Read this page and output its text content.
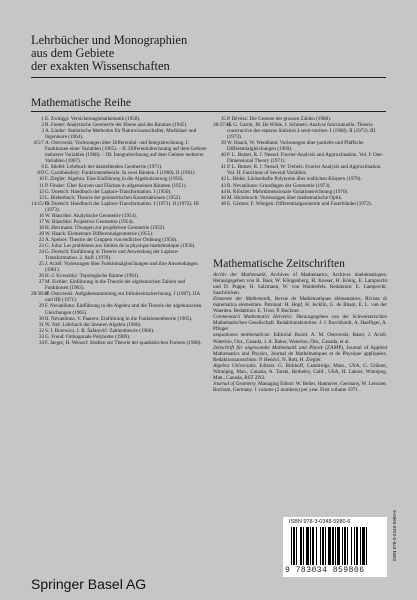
Lehrbücher und Monographien
aus dem Gebiete
der exakten Wissenschaften
Mathematische Reihe
1 E. Zwinggi: Versicherungsmathematik (1958).
2 R. Fueter: Analytische Geometrie der Ebene und des Raumes (1945).
3 A. Linder: Statistische Methoden für Naturwissenschafter, Mediziner und Ingenieure (1964).
4/5/7 A. Ostrowski: Vorlesungen über Differential- und Integralrechnung. I: Funktionen einer Variablen (1965). – II. Differentialrechnung auf dem Gebiete mehrerer Variablen (1968). – III: Integralrechnung auf dem Gebiete mehrerer Variablen (1967).
6 E. Stiefel: Lehrbuch der darstellenden Geometrie (1971).
8/9 C. Carathéodory: Funktionentheorie. In zwei Bänden. I (1960). II (1961).
10 F. Ziegler: Algebra. Eine Einführung in die Algebraisierung (1956).
11 P. Finsler: Über Kurven und Flächen in allgemeinen Räumen (1951).
12 G. Doetsch: Handbuch der Laplace-Transformation. I (1950).
13 L. Bieberbach: Theorie der geometrischen Konstruktionen (1952).
14/15/19
G. Doetsch: Handbuch der Laplace-Transformation. I (1971). II (1972). III (1973).
16 W. Blaschke: Analytische Geometrie (1954).
17 W. Blaschke: Projektive Geometrie (1954).
18 H. Herrmann: Übungen zur projektiven Geometrie (1952).
20 W. Haack: Elementare Differentialgeometrie (1955).
22 A. Speiser: Theorie der Gruppen von endlicher Ordnung (1956).
23 G. Julia: Les problèmes aux limites de la physique mathématique (1956).
24 G. Doetsch: Einführung in Theorie und Anwendung der Laplace-Transformation. 2. Aufl. (1970).
25 J. Aczél: Vorlesungen über Funktionalgleichungen und ihre Anwendungen (1961).
26 H.-J. Kowalsky: Topologische Räume (1961).
27 M. Eichler: Einführung in die Theorie der algebraischen Zahlen und Funktionen (1963).
28/38/47
A. Ostrowski: Aufgabensammlung zur Infinitesimalrechnung. I (1967). IIA und IIB (1971).
29 F. Nevanlinna: Einführung in die Algebra und die Theorie der algebraischen Gleichungen (1965).
30 R. Nevanlinna, V. Paatero: Einführung in die Funktionentheorie (1965).
31 W. Nef: Lehrbuch der linearen Algebra (1966).
32 S. I. Borewicz, I. R. Šafarevič: Zahlentheorie (1966).
33 G. Freud: Orthogonale Polynome (1969).
34 F. Jaeger, H. Wenzel: Studien zur Theorie der quadratischen Formen (1968).
35 P. Révész: Die Gesetze der grossen Zahlen (1968).
36/37/45
H. G. Garnir, M. De Wilde, J. Schmets: Analyse fonctionnelle, Théorie constructive des espaces linéaires à semi-normes. I (1968). II (1972). III (1973).
39 W. Haack, W. Wendland: Vorlesungen über partielle und Pfaffsche Differentialgleichungen (1969).
40 P. L. Butzer, R. J. Nessel: Fourier-Analysis and Approximation. Vol. I: One-Dimensional Theory (1971).
41 P. L. Butzer, R. J. Nessel, W. Trebels: Fourier Analysis and Approximation. Vol. II: Functions of Several Variables.
42 L. Rédei: Lückenhafte Polynome über endlichen Körpern (1970).
43 R. Nevanlinna: Grundlagen der Geometrie (1973).
44 R. Klötzler: Mehrdimensionale Variationsrechnung (1970).
46 M. Hirzebruch: Vorlesungen über mathematische Optik.
48 E. Gärtner, F. Wintgen: Differentialgeometrie und Faserbündel (1972).
Mathematische Zeitschriften
Archiv der Mathematik, Archives of Mathematics, Archives mathématiques. Herausgegeben von R. Baer, W. Klingenberg, H. Kneser, H. König, E. Lamprecht und D. Puppe, H. Salzmann, W. von Waldenfels. Redaktion: E. Lamprecht, Saarbrücken.
Elemente der Mathematik, Revue de Mathématiques élémentaires, Rivista di matematica elementare. Patronat: H. Hopf, H. Jecklin, G. de Rham, E. L. van der Waerden. Redaktion: E. Trost, P. Buchner.
Commentarii Mathematici Helvetici. Herausgegeben von der Schweizerischen Mathematischen Gesellschaft. Redaktionskomitee: J. J. Burckhardt, A. Haefliger, A. Pfluger.
aequationes mathematicae. Editorial Board: A. M. Ostrowski, Basel, J. Aczél, Waterloo, Ont., Canada, J. A. Baker, Waterloo, Ont., Canada, et al.
Zeitschrift für angewandte Mathematik und Physik (ZAMP), Journal of Applied Mathematics and Physics, Journal de Mathématiques et de Physique appliquées. Redaktionsausschuss: P. Henrici, N. Rott, H. Ziegler.
Algebra Universalis. Editors: G. Birkhoff, Cambridge, Mass., USA, G. Grätzer, Winnipeg, Man., Canada, A. Tarski, Berkeley, Calif., USA, H. Lakser, Winnipeg, Man., Canada, RST ZN2.
Journal of Geometry. Managing Editor: W. Beiler, Hannover, Germany, W. Leissner, Bochum, Germany. 1 volume (2 numbers) per year. First volume 1971.
Springer Basel AG
ISBN 978-3-0348-5980-6
9 783034 859806
ISBN 978-3-0348-5980-6
